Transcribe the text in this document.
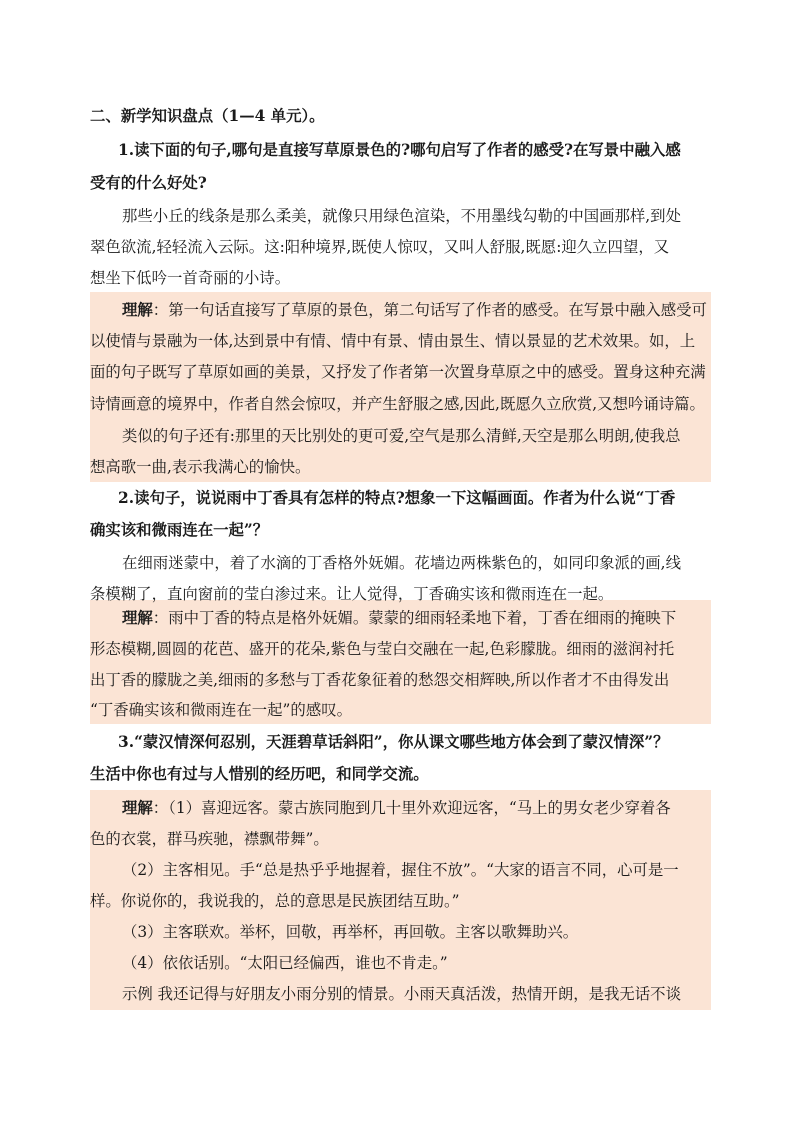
二、新学知识盘点（1—4 单元）。
1.读下面的句子,哪句是直接写草原景色的?哪句启写了作者的感受?在写景中融入感
受有的什么好处?
那些小丘的线条是那么柔美，就像只用绿色渲染，不用墨线勾勒的中国画那样,到处
翠色欲流,轻轻流入云际。这:阳种境界,既使人惊叹，又叫人舒服,既愿:迎久立四望，又
想坐下低吟一首奇丽的小诗。
理解：第一句话直接写了草原的景色，第二句话写了作者的感受。在写景中融入感受可
以使情与景融为一体,达到景中有情、情中有景、情由景生、情以景显的艺术效果。如，上
面的句子既写了草原如画的美景，又抒发了作者第一次置身草原之中的感受。置身这种充满
诗情画意的境界中，作者自然会惊叹，并产生舒服之感,因此,既愿久立欣赏,又想吟诵诗篇。
类似的句子还有:那里的天比别处的更可爱,空气是那么清鲜,天空是那么明朗,使我总
想高歌一曲,表示我满心的愉快。
2.读句子，说说雨中丁香具有怎样的特点?想象一下这幅画面。作者为什么说“丁香
确实该和微雨连在一起”？
在细雨迷蒙中，着了水滴的丁香格外妩媚。花墙边两株紫色的，如同印象派的画,线
条模糊了，直向窗前的莹白渗过来。让人觉得，丁香确实该和微雨连在一起。
理解：雨中丁香的特点是格外妩媚。蒙蒙的细雨轻柔地下着，丁香在细雨的掩映下
形态模糊,圆圆的花芭、盛开的花朵,紫色与莹白交融在一起,色彩朦胧。细雨的滋润衬托
出丁香的朦胧之美,细雨的多愁与丁香花象征着的愁怨交相辉映,所以作者才不由得发出
“丁香确实该和微雨连在一起”的感叹。
3.“蒙汉情深何忍别，天涯碧草话斜阳”，你从课文哪些地方体会到了蒙汉情深”？
生活中你也有过与人惜别的经历吧，和同学交流。
理解：（1）喜迎远客。蒙古族同胞到几十里外欢迎远客，“马上的男女老少穿着各
色的衣裳，群马疾驰，襟飘带舞”。
（2）主客相见。手“总是热乎乎地握着，握住不放”。“大家的语言不同，心可是一
样。你说你的，我说我的，总的意思是民族团结互助。”
（3）主客联欢。举杯，回敬，再举杯，再回敬。主客以歌舞助兴。
（4）依依话别。“太阳已经偏西，谁也不肯走。”
示例 我还记得与好朋友小雨分别的情景。小雨天真活泼，热情开朗，是我无话不谈
